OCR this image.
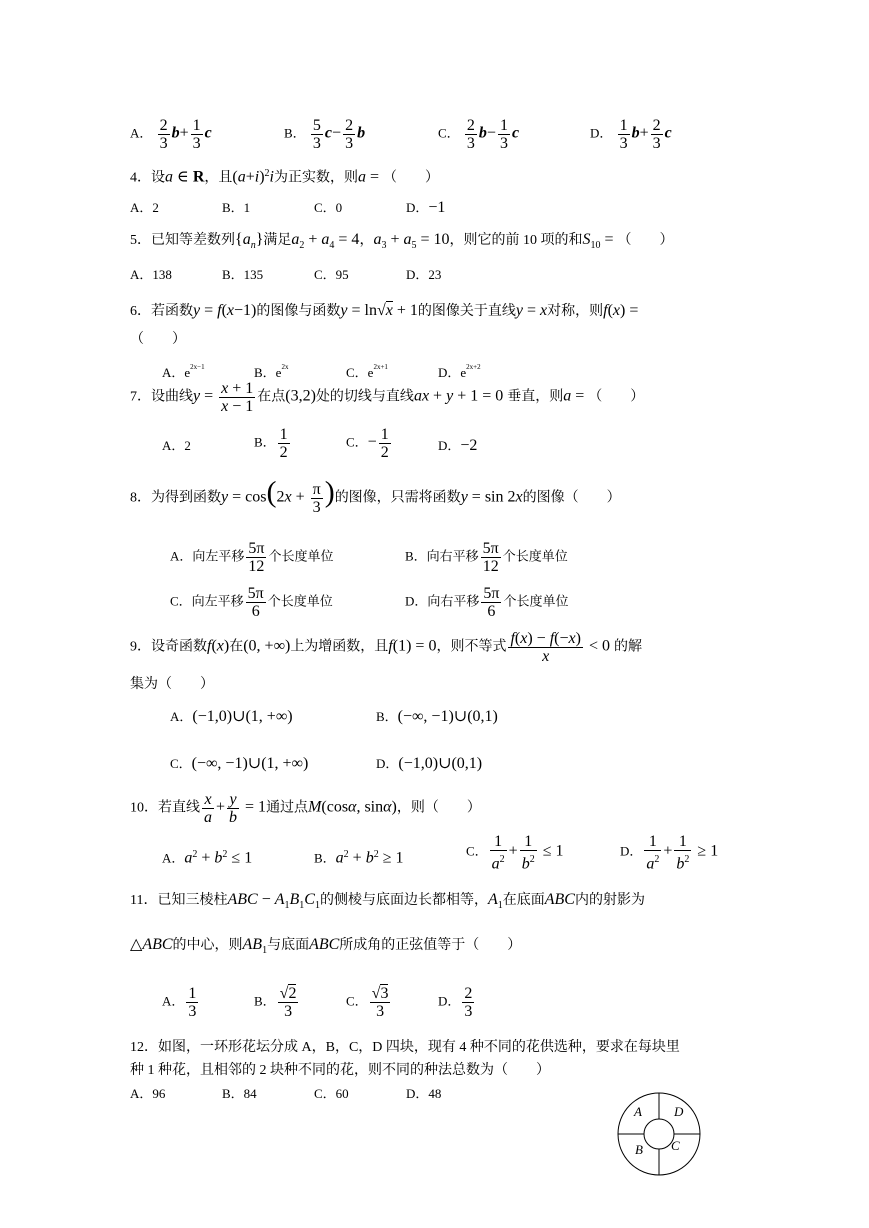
A． $\frac{2}{3} b+ \frac{1}{3}$ c	B． $\frac{5}{3} c- \frac{2}{3}$ b	C． $\frac{2}{3} b- \frac{1}{3}$ c	D． $\frac{1}{3} b+ \frac{2}{3}$ c
4．设a ∈ R，且$(a+i)^2i$为正实数，则a = （　　）
A．2	B．1	C．0	D．−1
5．已知等差数列$\{a_n\}$满足$a_2 + a_4 = 4$，$a_3 + a_5 = 10$，则它的前 10 项的和$S_{10}$ = （　　）
A．138	B．135	C．95	D．23
6．若函数y = f(x−1)的图像与函数y = ln√x + 1的图像关于直线y = x对称，则f(x) =
（　　）
A．$e^{2x-1}$	B．$e^{2x}$	C．$e^{2x+1}$	D．$e^{2x+2}$
7．设曲线$y = \frac{x + 1}{x - 1}$ 在点(3,2)处的切线与直线ax + y + 1 = 0 垂直，则a = （　　）
A．2	B． $\frac{1}{2}$	C．− $\frac{1}{2}$	D．−2
8．为得到函数$y = \cos(2x + \frac{\pi}{3}$ )的图像，只需将函数y = sin 2x的图像（　　）
A．向左平移 $\frac{5\pi}{12}$ 个长度单位	B．向右平移 $\frac{5\pi}{12}$ 个长度单位
C．向左平移 $\frac{5\pi}{6}$ 个长度单位	D．向右平移 $\frac{5\pi}{6}$ 个长度单位
9．设奇函数f(x)在(0, +∞)上为增函数，且f(1) = 0，则不等式 $\frac{f(x) - f(-x)}{x} < 0$ 的解
集为（　　）
A．(−1,0)∪(1, +∞)	B．(−∞, −1)∪(0,1)
C．(−∞, −1)∪(1, +∞)	D．(−1,0)∪(0,1)
10．若直线 $\frac{x}{a} + \frac{y}{b} = 1$通过点M(cosα, sinα)，则（　　）
A．$a^2 + b^2 \le 1$	B．$a^2 + b^2 \ge 1$	C． $\frac{1}{a^2} + \frac{1}{b^2} \le 1$	D． $\frac{1}{a^2} + \frac{1}{b^2} \ge 1$
11．已知三棱柱ABC − $A_1B_1C_1$的侧棱与底面边长都相等，$A_1$在底面ABC内的射影为
△ABC的中心，则$AB_1$与底面ABC所成角的正弦值等于（　　）
A． $\frac{1}{3}$	B． $\frac{√2}{3}$	C． $\frac{√3}{3}$	D． $\frac{2}{3}$
12．如图，一环形花坛分成 A，B，C，D 四块，现有 4 种不同的花供选种，要求在每块里
种 1 种花，且相邻的 2 块种不同的花，则不同的种法总数为（　　）
A．96	B．84	C．60	D．48
A D
B C
